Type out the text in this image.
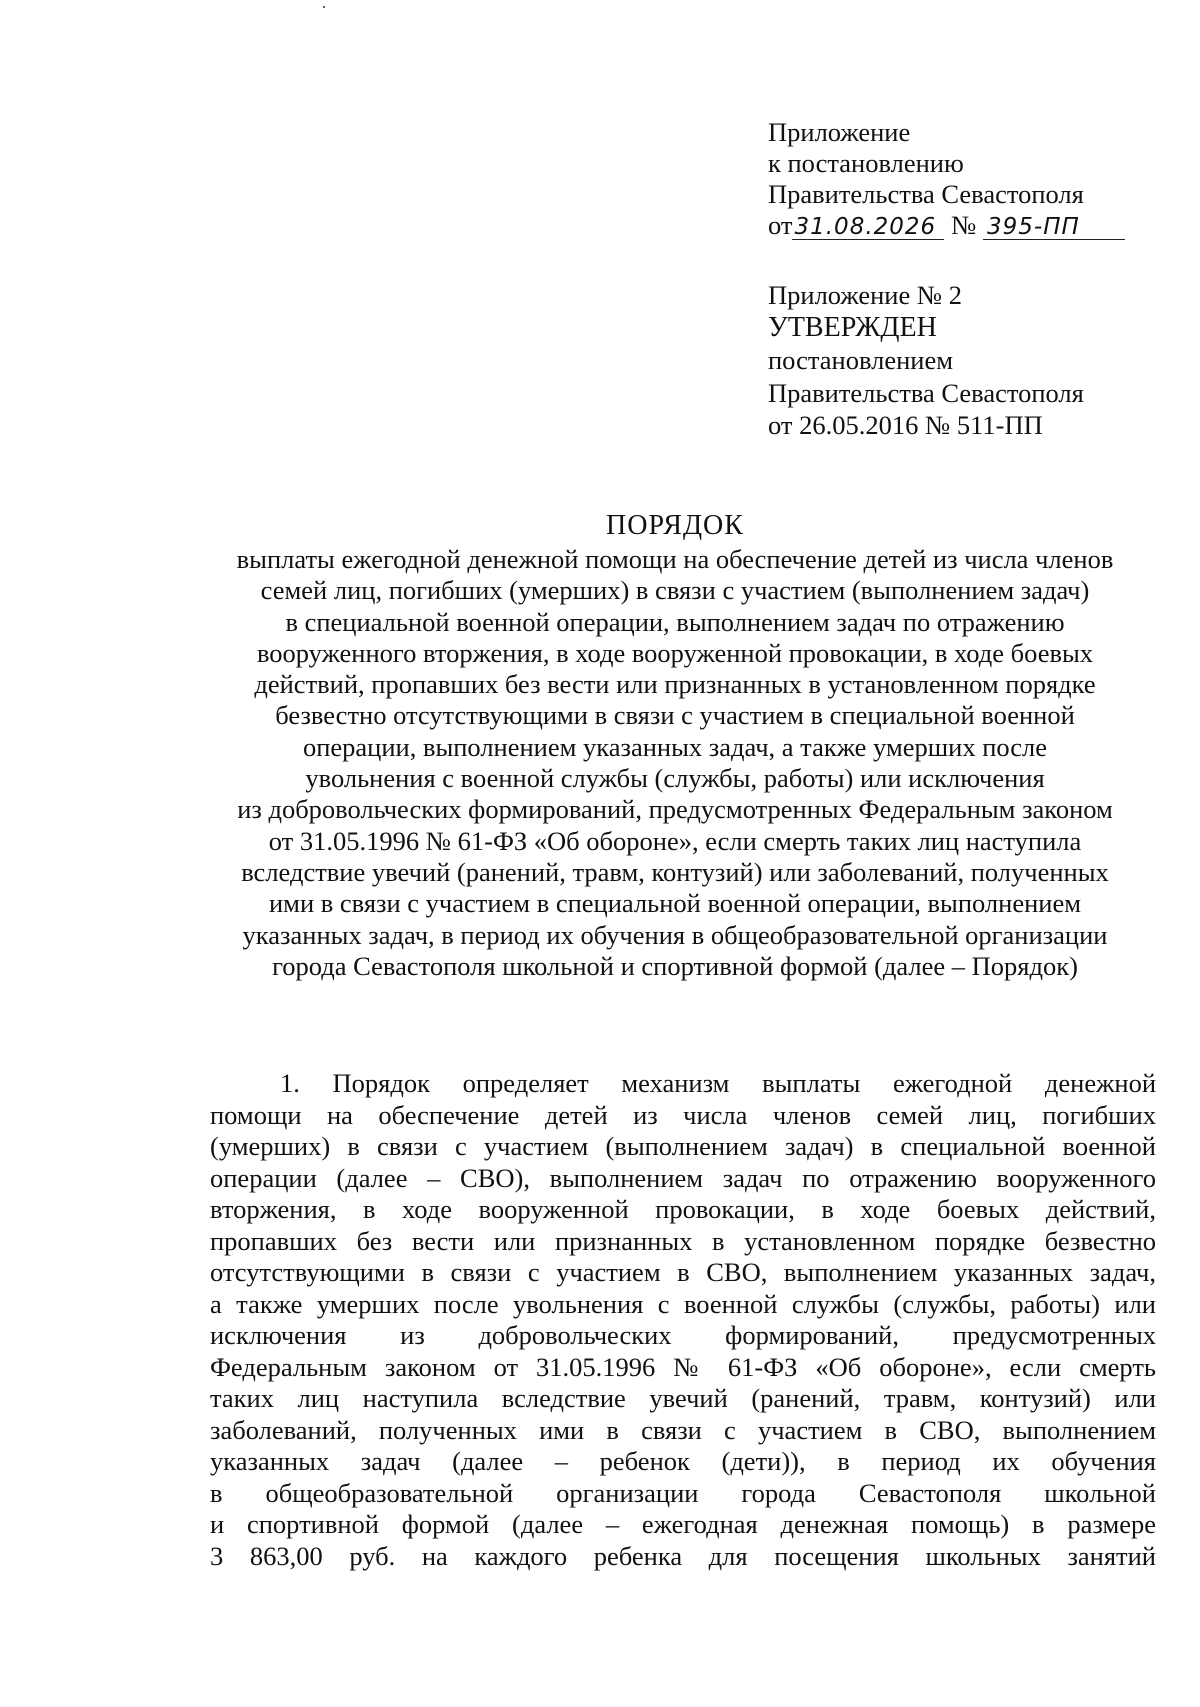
Приложение
к постановлению
Правительства Севастополя
от31.08.2026 № 395-ПП
Приложение № 2
УТВЕРЖДЕН
постановлением
Правительства Севастополя
от 26.05.2016 № 511-ПП
ПОРЯДОК
выплаты ежегодной денежной помощи на обеспечение детей из числа членов
семей лиц, погибших (умерших) в связи с участием (выполнением задач)
в специальной военной операции, выполнением задач по отражению
вооруженного вторжения, в ходе вооруженной провокации, в ходе боевых
действий, пропавших без вести или признанных в установленном порядке
безвестно отсутствующими в связи с участием в специальной военной
операции, выполнением указанных задач, а также умерших после
увольнения с военной службы (службы, работы) или исключения
из добровольческих формирований, предусмотренных Федеральным законом
от 31.05.1996 № 61-ФЗ «Об обороне», если смерть таких лиц наступила
вследствие увечий (ранений, травм, контузий) или заболеваний, полученных
ими в связи с участием в специальной военной операции, выполнением
указанных задач, в период их обучения в общеобразовательной организации
города Севастополя школьной и спортивной формой (далее – Порядок)
1. Порядок определяет механизм выплаты ежегодной денежной
помощи на обеспечение детей из числа членов семей лиц, погибших
(умерших) в связи с участием (выполнением задач) в специальной военной
операции (далее – СВО), выполнением задач по отражению вооруженного
вторжения, в ходе вооруженной провокации, в ходе боевых действий,
пропавших без вести или признанных в установленном порядке безвестно
отсутствующими в связи с участием в СВО, выполнением указанных задач,
а также умерших после увольнения с военной службы (службы, работы) или
исключения из добровольческих формирований, предусмотренных
Федеральным законом от 31.05.1996 № 61-ФЗ «Об обороне», если смерть
таких лиц наступила вследствие увечий (ранений, травм, контузий) или
заболеваний, полученных ими в связи с участием в СВО, выполнением
указанных задач (далее – ребенок (дети)), в период их обучения
в общеобразовательной организации города Севастополя школьной
и спортивной формой (далее – ежегодная денежная помощь) в размере
3 863,00 руб. на каждого ребенка для посещения школьных занятий
